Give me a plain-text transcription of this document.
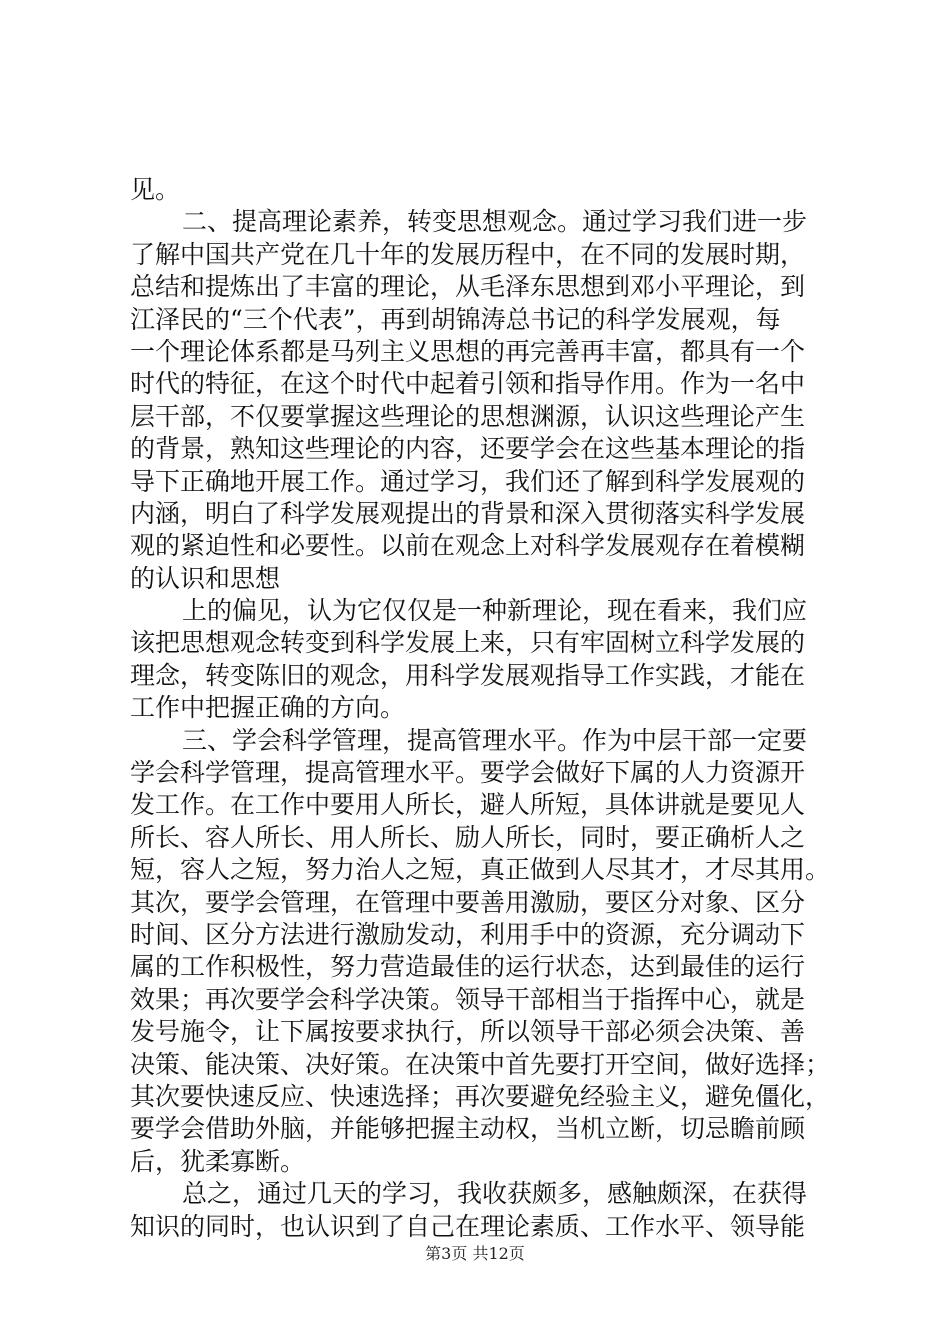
见。
二、提高理论素养，转变思想观念。通过学习我们进一步
了解中国共产党在几十年的发展历程中，在不同的发展时期，
总结和提炼出了丰富的理论，从毛泽东思想到邓小平理论，到
江泽民的“三个代表”，再到胡锦涛总书记的科学发展观，每
一个理论体系都是马列主义思想的再完善再丰富，都具有一个
时代的特征，在这个时代中起着引领和指导作用。作为一名中
层干部，不仅要掌握这些理论的思想渊源，认识这些理论产生
的背景，熟知这些理论的内容，还要学会在这些基本理论的指
导下正确地开展工作。通过学习，我们还了解到科学发展观的
内涵，明白了科学发展观提出的背景和深入贯彻落实科学发展
观的紧迫性和必要性。以前在观念上对科学发展观存在着模糊
的认识和思想
上的偏见，认为它仅仅是一种新理论，现在看来，我们应
该把思想观念转变到科学发展上来，只有牢固树立科学发展的
理念，转变陈旧的观念，用科学发展观指导工作实践，才能在
工作中把握正确的方向。
三、学会科学管理，提高管理水平。作为中层干部一定要
学会科学管理，提高管理水平。要学会做好下属的人力资源开
发工作。在工作中要用人所长，避人所短，具体讲就是要见人
所长、容人所长、用人所长、励人所长，同时，要正确析人之
短，容人之短，努力治人之短，真正做到人尽其才，才尽其用。
其次，要学会管理，在管理中要善用激励，要区分对象、区分
时间、区分方法进行激励发动，利用手中的资源，充分调动下
属的工作积极性，努力营造最佳的运行状态，达到最佳的运行
效果；再次要学会科学决策。领导干部相当于指挥中心，就是
发号施令，让下属按要求执行，所以领导干部必须会决策、善
决策、能决策、决好策。在决策中首先要打开空间，做好选择；
其次要快速反应、快速选择；再次要避免经验主义，避免僵化，
要学会借助外脑，并能够把握主动权，当机立断，切忌瞻前顾
后，犹柔寡断。
总之，通过几天的学习，我收获颇多，感触颇深，在获得
知识的同时，也认识到了自己在理论素质、工作水平、领导能
第3页 共12页
